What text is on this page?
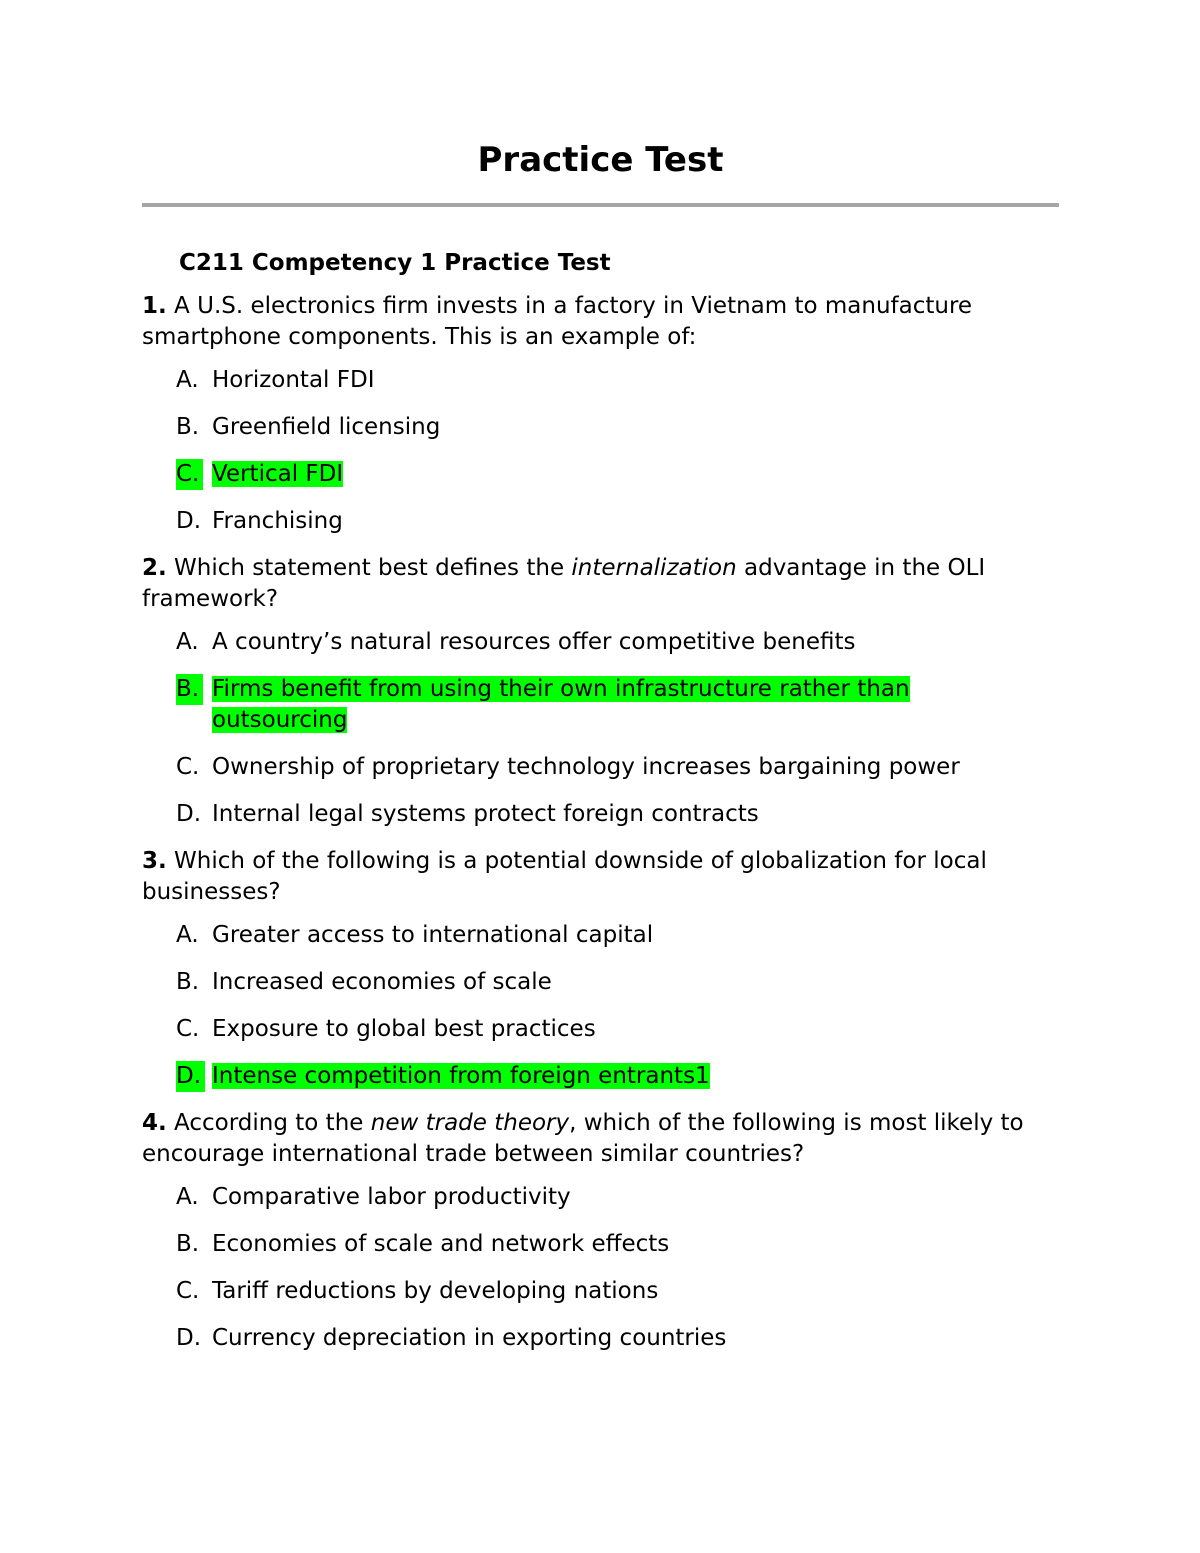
Practice Test

C211 Competency 1 Practice Test

1. A U.S. electronics firm invests in a factory in Vietnam to manufacture smartphone components. This is an example of:

A. Horizontal FDI
B. Greenfield licensing
C. Vertical FDI
D. Franchising

2. Which statement best defines the internalization advantage in the OLI framework?

A. A country’s natural resources offer competitive benefits
B. Firms benefit from using their own infrastructure rather than outsourcing
C. Ownership of proprietary technology increases bargaining power
D. Internal legal systems protect foreign contracts

3. Which of the following is a potential downside of globalization for local businesses?

A. Greater access to international capital
B. Increased economies of scale
C. Exposure to global best practices
D. Intense competition from foreign entrants1

4. According to the new trade theory, which of the following is most likely to encourage international trade between similar countries?

A. Comparative labor productivity
B. Economies of scale and network effects
C. Tariff reductions by developing nations
D. Currency depreciation in exporting countries
